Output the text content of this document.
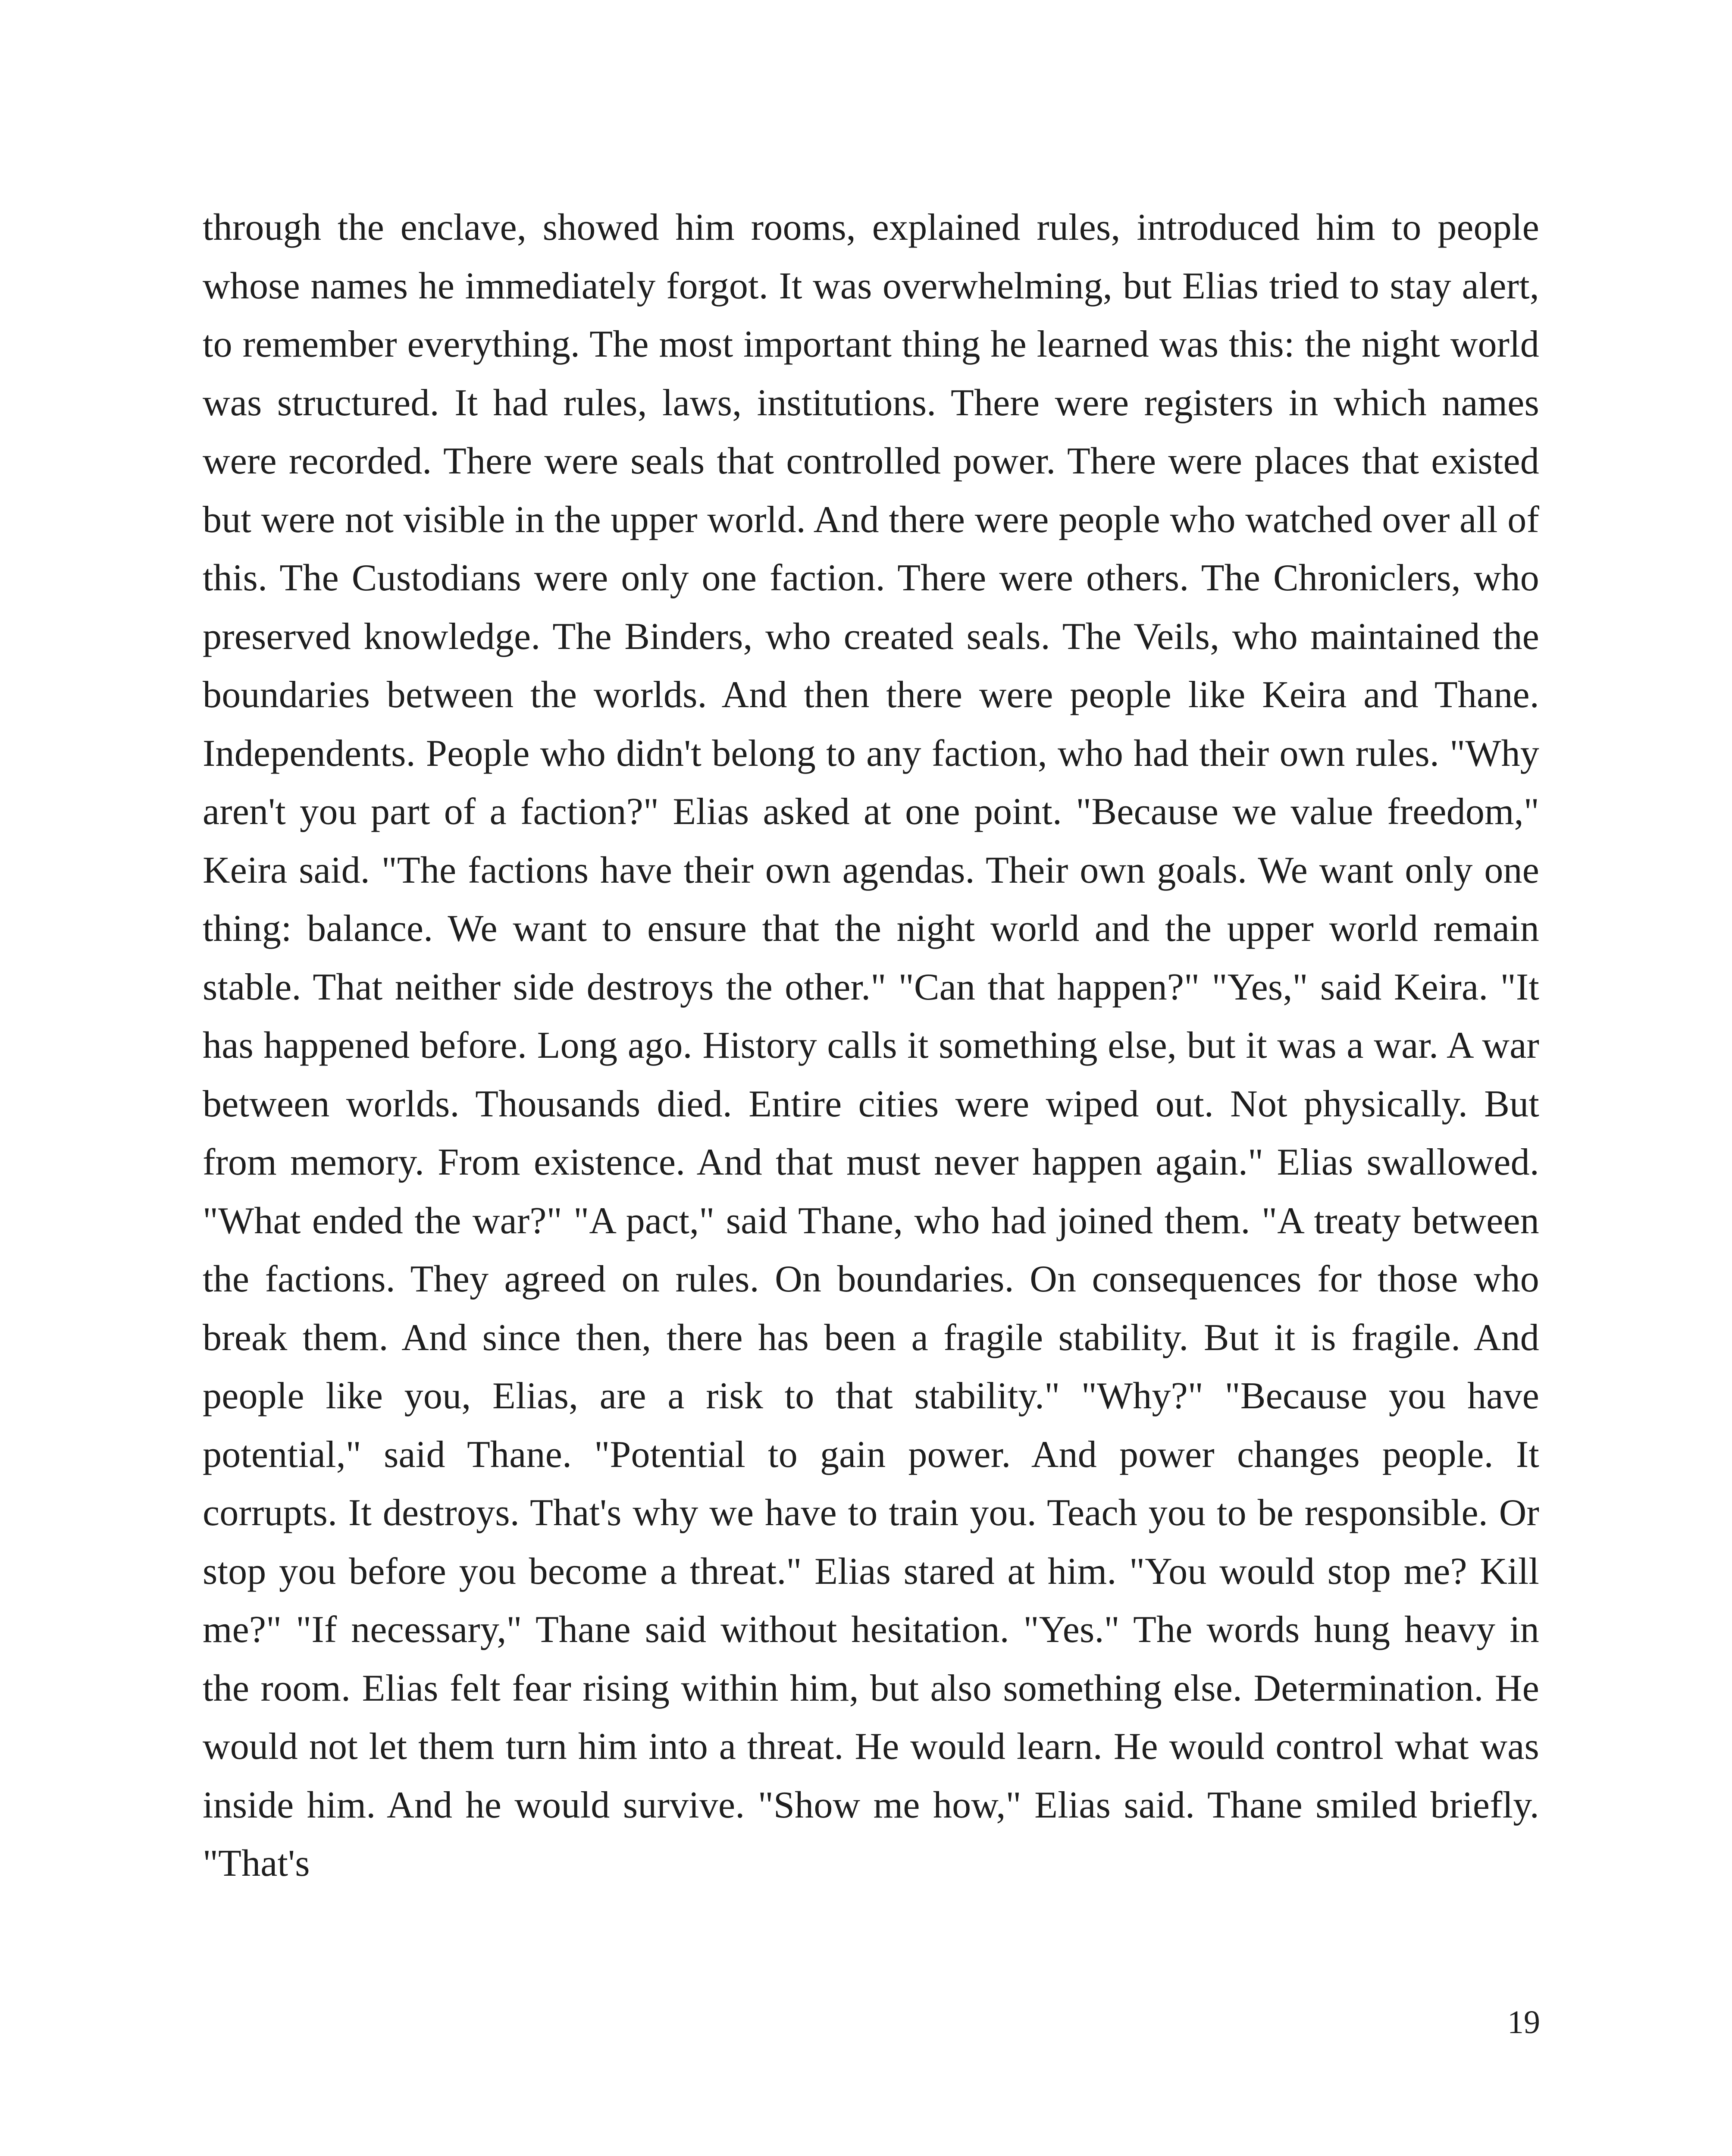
through the enclave, showed him rooms, explained rules, introduced him to people whose names he immediately forgot. It was overwhelming, but Elias tried to stay alert, to remember everything. The most important thing he learned was this: the night world was structured. It had rules, laws, institutions. There were registers in which names were recorded. There were seals that controlled power. There were places that existed but were not visible in the upper world. And there were people who watched over all of this. The Custodians were only one faction. There were others. The Chroniclers, who preserved knowledge. The Binders, who created seals. The Veils, who maintained the boundaries between the worlds. And then there were people like Keira and Thane. Independents. People who didn't belong to any faction, who had their own rules. "Why aren't you part of a faction?" Elias asked at one point. "Because we value freedom," Keira said. "The factions have their own agendas. Their own goals. We want only one thing: balance. We want to ensure that the night world and the upper world remain stable. That neither side destroys the other." "Can that happen?" "Yes," said Keira. "It has happened before. Long ago. History calls it something else, but it was a war. A war between worlds. Thousands died. Entire cities were wiped out. Not physically. But from memory. From existence. And that must never happen again." Elias swallowed. "What ended the war?" "A pact," said Thane, who had joined them. "A treaty between the factions. They agreed on rules. On boundaries. On consequences for those who break them. And since then, there has been a fragile stability. But it is fragile. And people like you, Elias, are a risk to that stability." "Why?" "Because you have potential," said Thane. "Potential to gain power. And power changes people. It corrupts. It destroys. That's why we have to train you. Teach you to be responsible. Or stop you before you become a threat." Elias stared at him. "You would stop me? Kill me?" "If necessary," Thane said without hesitation. "Yes." The words hung heavy in the room. Elias felt fear rising within him, but also something else. Determination. He would not let them turn him into a threat. He would learn. He would control what was inside him. And he would survive. "Show me how," Elias said. Thane smiled briefly. "That's

19
